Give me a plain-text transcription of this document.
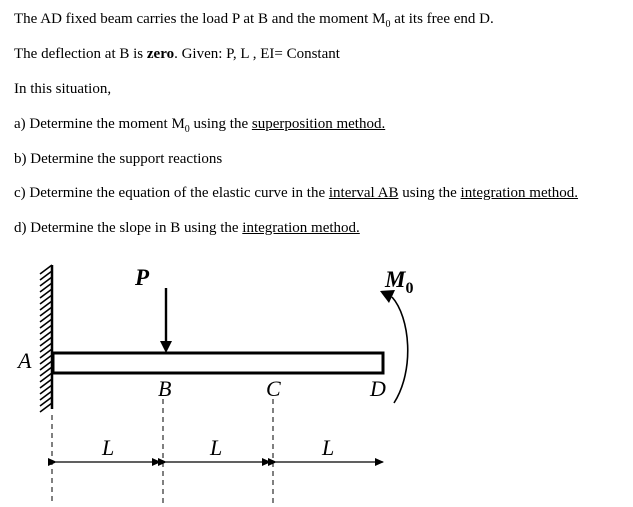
The AD fixed beam carries the load P at B and the moment $M_0$ at its free end D.
The deflection at B is zero. Given: P, L , EI= Constant
In this situation,
a) Determine the moment $M_0$ using the superposition method.
b) Determine the support reactions
c) Determine the equation of the elastic curve in the interval AB using the integration method.
d) Determine the slope in B using the integration method.
P	$M_0$
A
B	C	D
L	L	L
